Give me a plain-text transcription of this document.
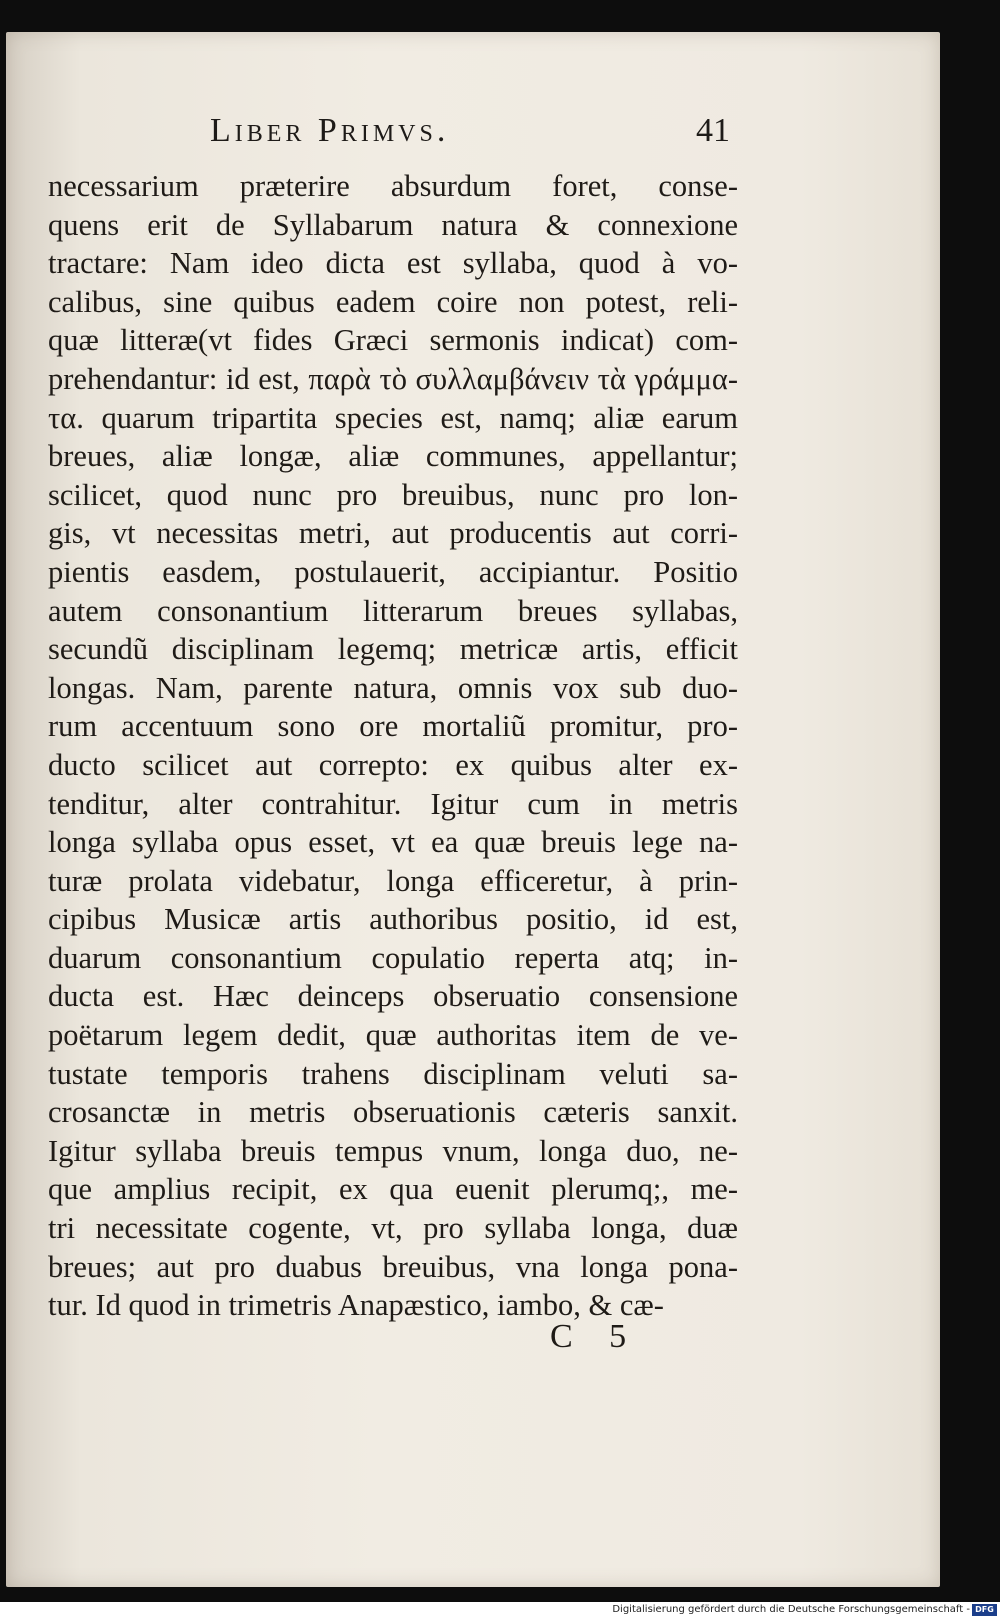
Liber Primvs.	41
necessarium præterire absurdum foret, conse-
quens erit de Syllabarum natura & connexione
tractare: Nam ideo dicta est syllaba, quod à vo-
calibus, sine quibus eadem coire non potest, reli-
quæ litteræ(vt fides Græci sermonis indicat) com-
prehendantur: id est, παρὰ τὸ συλλαμβάνειν τὰ γράμμα-
τα. quarum tripartita species est, namq; aliæ earum
breues, aliæ longæ, aliæ communes, appellantur;
scilicet, quod nunc pro breuibus, nunc pro lon-
gis, vt necessitas metri, aut producentis aut corri-
pientis easdem, postulauerit, accipiantur. Positio
autem consonantium litterarum breues syllabas,
secundũ disciplinam legemq; metricæ artis, efficit
longas. Nam, parente natura, omnis vox sub duo-
rum accentuum sono ore mortaliũ promitur, pro-
ducto scilicet aut correpto: ex quibus alter ex-
tenditur, alter contrahitur. Igitur cum in metris
longa syllaba opus esset, vt ea quæ breuis lege na-
turæ prolata videbatur, longa efficeretur, à prin-
cipibus Musicæ artis authoribus positio, id est,
duarum consonantium copulatio reperta atq; in-
ducta est. Hæc deinceps obseruatio consensione
poëtarum legem dedit, quæ authoritas item de ve-
tustate temporis trahens disciplinam veluti sa-
crosanctæ in metris obseruationis cæteris sanxit.
Igitur syllaba breuis tempus vnum, longa duo, ne-
que amplius recipit, ex qua euenit plerumq;, me-
tri necessitate cogente, vt, pro syllaba longa, duæ
breues; aut pro duabus breuibus, vna longa pona-
tur. Id quod in trimetris Anapæstico, iambo, & cæ-
C 5
Digitalisierung gefördert durch die Deutsche Forschungsgemeinschaft - DFG
